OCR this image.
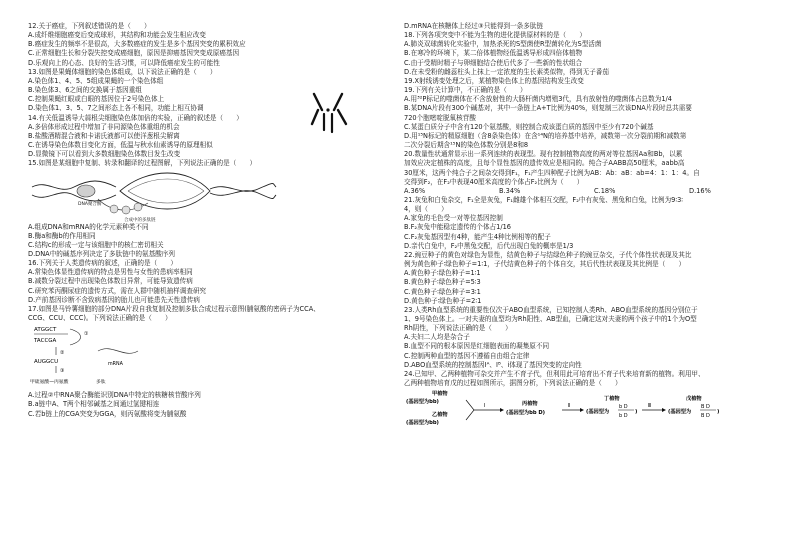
12.关于癌症，下列叙述错误的是（　　）
A.成纤维细胞癌变后变成球形，其结构和功能会发生相应改变
B.癌症发生的频率不是很高，大多数癌症的发生是多个基因突变的累积效应
C.正常细胞生长和分裂失控变成癌细胞，原因是抑癌基因突变成原癌基因
D.乐观向上的心态、良好的生活习惯，可以降低癌症发生的可能性
13.如图是果蝇体细胞的染色体组成，以下说法正确的是（　　）
A.染色体1、4、5、5组成果蝇的一个染色体组
B.染色体3、6之间的交换属于基因重组
C.控制果蝇红眼或白眼的基因位于2号染色体上
D.染色体1、3、5、7之间形态上各不相同，功能上相互协调
14.有关低温诱导大蒜根尖细胞染色体加倍的实验，正确的叙述是（　　）
A.多倍体形成过程中增加了非同源染色体重组的机会
B.盐酸酒精混合液和卡诺氏液都可以使洋葱根尖解离
C.在诱导染色体数目变化方面，低温与秋水仙素诱导的原理相似
D.显微镜下可以看到大多数细胞染色体数目发生改变
15.如图是某细胞中复制、转录和翻译的过程图解，下列说法正确的是（　　）
DNA聚合酶
合成中的多肽链
A.组成DNA和mRNA的化学元素种类不同
B.酶a和酶b的作用相同
C.结构c的形成一定与该细胞中的核仁密切相关
D.DNA中的碱基序列决定了多肽链中的氨基酸序列
16.下列关于人类遗传病的叙述，正确的是（　　）
A.常染色体显性遗传病的特点是男性与女性的患病率相同
B.减数分裂过程中出现染色体数目异常，可能导致遗传病
C.研究苯丙酮尿症的遗传方式，需在人群中随机抽样调查研究
D.产前基因诊断不含致病基因的胎儿也可能患先天性遗传病
17.如图是马铃薯细胞的部分DNA片段自我复制及控制多肽合成过程示意图(脯氨酸的密码子为CCA、
CCG、CCU、CCC)。下列说法正确的是（　　）
ATGGCT
TACCGA
①
②
AUGGCU
③
甲硫氨酸—丙氨酸
mRNA
多肽
A.过程②中RNA聚合酶能识别DNA中特定的核糖核苷酸序列
B.a链中A、T两个相邻碱基之间通过氢键相连
C.若b链上的CGA突变为GGA，则丙氨酸将变为脯氨酸
D.mRNA在核糖体上经过③只能得到一条多肽链
18.下列各项突变中不能为生物的进化提供原材料的是（　　）
A.肺炎双球菌转化实验中，加热杀死的S型菌使R型菌转化为S型活菌
B.在寒冷的环境下，某二倍体植物经低温诱导形成四倍体植物
C.由于受精时精子与卵细胞结合使后代多了一些新的性状组合
D.在未受粉的雌蕊柱头上抹上一定浓度的生长素类似物，得到无子番茄
19.X射线诱变处理之后，某植物染色体上的基因结构发生改变
19.下列有关计算中，不正确的是（　　）
A.用³²P标记的噬菌体在不含放射性的大肠杆菌内增殖3代，具有放射性的噬菌体占总数为1/4
B.某DNA片段有300个碱基对，其中一条链上A+T比例为40%，则复制三次该DNA片段时总共需要
720个胞嘧啶脱氧核苷酸
C.某蛋白质分子中含有120个氨基酸，则控制合成该蛋白质的基因中至少有720个碱基
D.用¹⁵N标记的精原细胞（含8条染色体）在含¹⁴N的培养基中培养，减数第一次分裂前期和减数第
二次分裂后期含¹⁵N的染色体数分别是8和8
20.数量性状通常显示出一系列连续的表现型。现有控制植物高度的两对等位基因Aa和Bb，以累
加效应决定植株的高度，且每个显性基因的遗传效应是相同的。纯合子AABB高50厘米，aabb高
30厘米，这两个纯合子之间杂交得到F₁，F₁产生四种配子比例为AB：Ab：aB：ab=4：1：1：4。自
交得到F₂，在F₂中表现40厘米高度的个体占F₂比例为（　　）
A.36%	B.34%	C.18%	D.16%
21.灰兔和白兔杂交，F₁全是灰兔，F₁雌雄个体相互交配，F₂中有灰兔、黑兔和白兔，比例为9∶3∶
4，则（　　）
A.家兔的毛色受一对等位基因控制
B.F₂灰兔中能稳定遗传的个体占1/16
C.F₂灰兔基因型有4种，能产生4种比例相等的配子
D.亲代白兔中，F₂中黑兔交配，后代出现白兔的概率是1/3
22.豌豆种子的黄色对绿色为显性，结黄色种子与结绿色种子的豌豆杂交，子代个体性状表现及其比
例为黄色种子∶绿色种子=1∶1，子代结黄色种子的个体自交，其后代性状表现及其比例是（　　）
A.黄色种子∶绿色种子=1∶1
B.黄色种子∶绿色种子=5∶3
C.黄色种子∶绿色种子=3∶1
D.黄色种子∶绿色种子=2∶1
23.人类Rh血型系统的重要性仅次于ABO血型系统，已知控制人类Rh、ABO血型系统的基因分别位于
1、9号染色体上。一对夫妻的血型均为Rh阳性、AB型血，已确定这对夫妻的两个孩子中的1个为O型
Rh阴性，下列说法正确的是（　　）
A.夫妇二人均是杂合子
B.血型不同的根本原因是红细胞表面的凝集原不同
C.控制两种血型的基因不遵循自由组合定律
D.ABO血型系统的控制基因Iᴬ、Iᴮ、i体现了基因突变的定向性
24.已知甲、乙两种植物可杂交并产生不育子代，但利用此可培育出不育子代来培育新的植物。利用甲、
乙两种植物培育戊的过程如图所示，据图分析，下列说法正确的是（　　）
甲植物
(基因型为bb)
乙植物
(基因型为bb)
Ⅰ	丙植物
(基因型为bb D)
Ⅱ
丁植物
(基因型为
b D
b D
)
Ⅲ
戊植物
(基因型为
B D
B D
)
